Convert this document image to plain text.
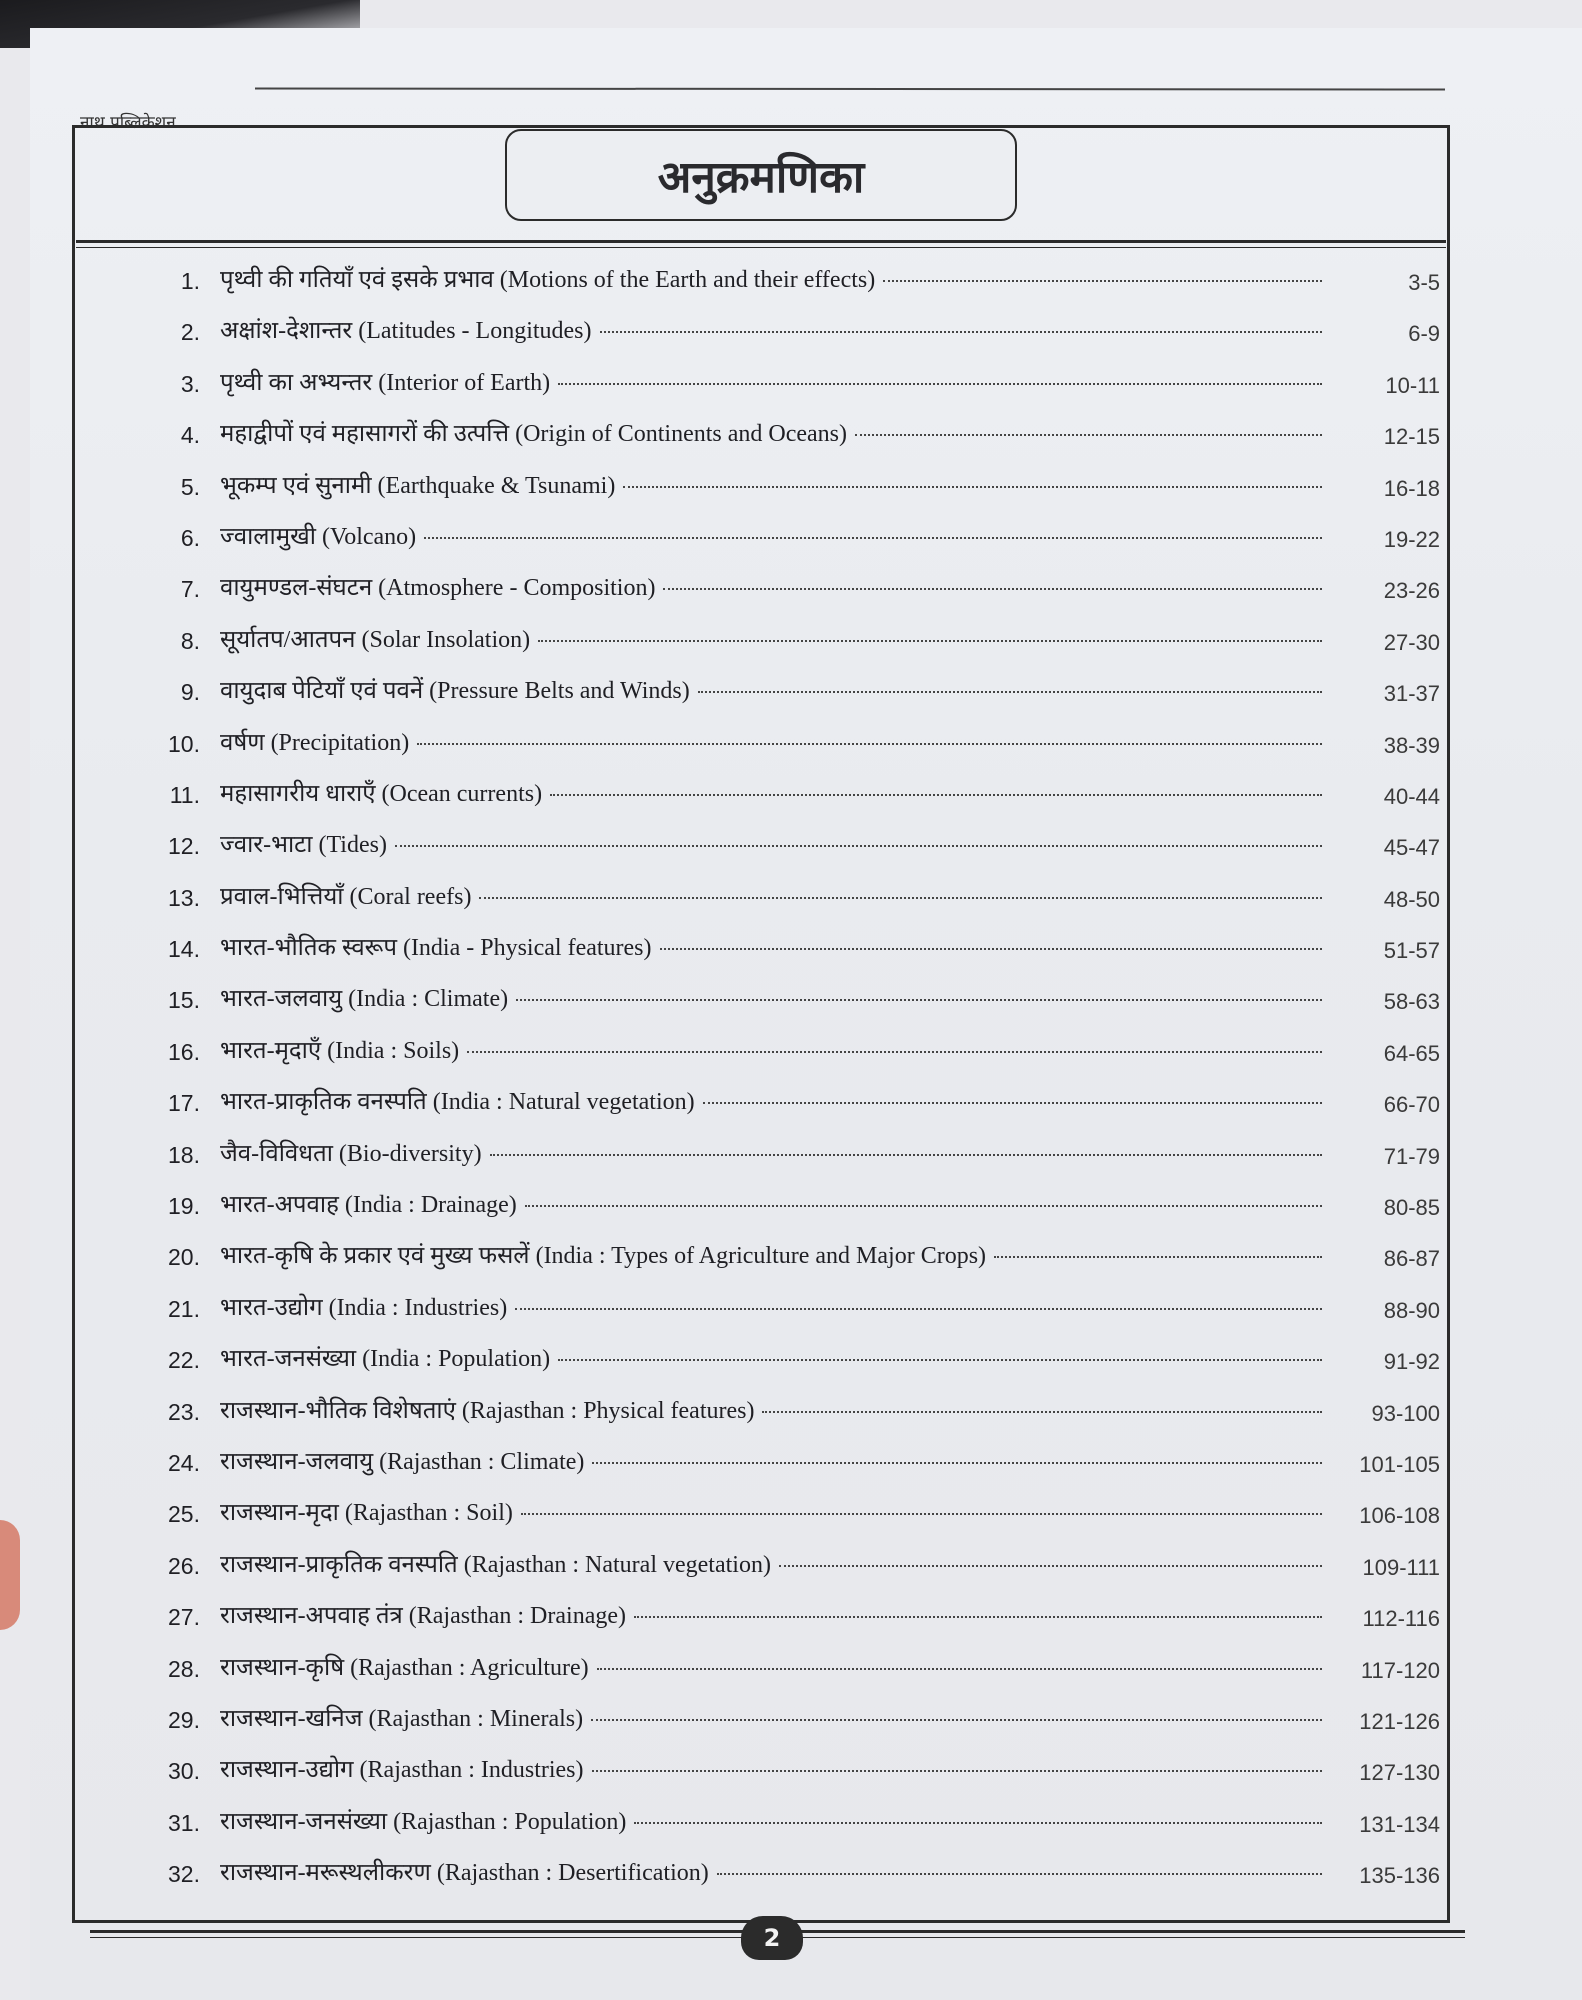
नाथ पब्लिकेशन
अनुक्रमणिका
1. पृथ्वी की गतियाँ एवं इसके प्रभाव (Motions of the Earth and their effects)	3-5
2. अक्षांश-देशान्तर (Latitudes - Longitudes)	6-9
3. पृथ्वी का अभ्यन्तर (Interior of Earth)	10-11
4. महाद्वीपों एवं महासागरों की उत्पत्ति (Origin of Continents and Oceans)	12-15
5. भूकम्प एवं सुनामी (Earthquake & Tsunami)	16-18
6. ज्वालामुखी (Volcano)	19-22
7. वायुमण्डल-संघटन (Atmosphere - Composition)	23-26
8. सूर्यातप/आतपन (Solar Insolation)	27-30
9. वायुदाब पेटियाँ एवं पवनें (Pressure Belts and Winds)	31-37
10. वर्षण (Precipitation)	38-39
11. महासागरीय धाराएँ (Ocean currents)	40-44
12. ज्वार-भाटा (Tides)	45-47
13. प्रवाल-भित्तियाँ (Coral reefs)	48-50
14. भारत-भौतिक स्वरूप (India - Physical features)	51-57
15. भारत-जलवायु (India : Climate)	58-63
16. भारत-मृदाएँ (India : Soils)	64-65
17. भारत-प्राकृतिक वनस्पति (India : Natural vegetation)	66-70
18. जैव-विविधता (Bio-diversity)	71-79
19. भारत-अपवाह (India : Drainage)	80-85
20. भारत-कृषि के प्रकार एवं मुख्य फसलें (India : Types of Agriculture and Major Crops)	86-87
21. भारत-उद्योग (India : Industries)	88-90
22. भारत-जनसंख्या (India : Population)	91-92
23. राजस्थान-भौतिक विशेषताएं (Rajasthan : Physical features)	93-100
24. राजस्थान-जलवायु (Rajasthan : Climate)	101-105
25. राजस्थान-मृदा (Rajasthan : Soil)	106-108
26. राजस्थान-प्राकृतिक वनस्पति (Rajasthan : Natural vegetation)	109-111
27. राजस्थान-अपवाह तंत्र (Rajasthan : Drainage)	112-116
28. राजस्थान-कृषि (Rajasthan : Agriculture)	117-120
29. राजस्थान-खनिज (Rajasthan : Minerals)	121-126
30. राजस्थान-उद्योग (Rajasthan : Industries)	127-130
31. राजस्थान-जनसंख्या (Rajasthan : Population)	131-134
32. राजस्थान-मरूस्थलीकरण (Rajasthan : Desertification)	135-136
2
